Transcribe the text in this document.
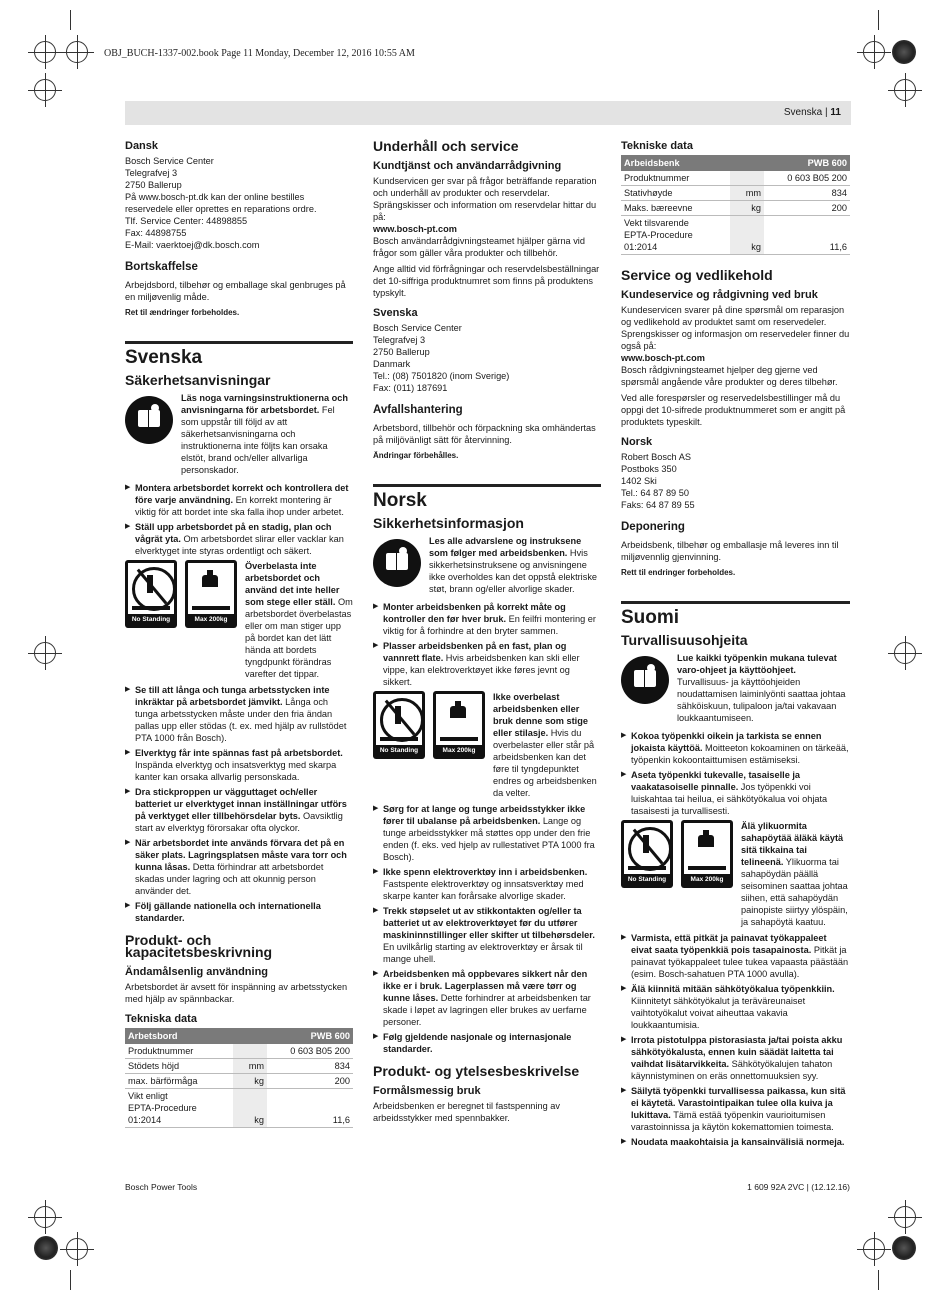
OBJ_BUCH-1337-002.book Page 11 Monday, December 12, 2016 10:55 AM
Svenska | 11
Dansk
Bosch Service Center
Telegrafvej 3
2750 Ballerup
På www.bosch-pt.dk kan der online bestilles reservedele eller oprettes en reparations ordre.
Tlf. Service Center: 44898855
Fax: 44898755
E-Mail: vaerktoej@dk.bosch.com
Bortskaffelse

Arbejdsbord, tilbehør og emballage skal genbruges på en miljøvenlig måde.

Ret til ændringer forbeholdes.
Svenska
Säkerhetsanvisningar
Läs noga varningsinstruktionerna och anvisningarna för arbetsbordet. Fel som uppstår till följd av att säkerhetsanvisningarna och instruktionerna inte följts kan orsaka elstöt, brand och/eller allvarliga personskador.
▶ Montera arbetsbordet korrekt och kontrollera det före varje användning. En korrekt montering är viktig för att bordet inte ska falla ihop under arbetet.
▶ Ställ upp arbetsbordet på en stadig, plan och vågrät yta. Om arbetsbordet slirar eller vacklar kan elverktyget inte styras ordentligt och säkert.
No Standing	Max 200kg
Överbelasta inte arbetsbordet och använd det inte heller som stege eller ställ. Om arbetsbordet överbelastas eller om man stiger upp på bordet kan det lätt hända att bordets tyngdpunkt förändras varefter det tippar.
▶ Se till att långa och tunga arbetsstycken inte inkräktar på arbetsbordet jämvikt. Långa och tunga arbetsstycken måste under den fria ändan pallas upp eller stödas (t. ex. med hjälp av rullstödet PTA 1000 från Bosch).
▶ Elverktyg får inte spännas fast på arbetsbordet. Inspända elverktyg och insatsverktyg med skarpa kanter kan orsaka allvarlig personskada.
▶ Dra stickproppen ur vägguttaget och/eller batteriet ur elverktyget innan inställningar utförs på verktyget eller tillbehörsdelar byts. Oavsiktlig start av elverktyg förorsakar ofta olyckor.
▶ När arbetsbordet inte används förvara det på en säker plats. Lagringsplatsen måste vara torr och kunna låsas. Detta förhindrar att arbetsbordet skadas under lagring och att okunnig person använder det.
▶ Följ gällande nationella och internationella standarder.
Produkt- och kapacitetsbeskrivning
Ändamålsenlig användning

Arbetsbordet är avsett för inspänning av arbetsstycken med hjälp av spännbackar.

Tekniska data
Arbetsbord		PWB 600
Produktnummer		0 603 B05 200
Stödets höjd	mm	834
max. bärförmåga	kg	200
Vikt enligt
EPTA-Procedure 01:2014	kg	11,6
Underhåll och service
Kundtjänst och användarrådgivning

Kundservicen ger svar på frågor beträffande reparation och underhåll av produkter och reservdelar. Sprängskisser och information om reservdelar hittar du på:
www.bosch-pt.com
Bosch användarrådgivningsteamet hjälper gärna vid frågor som gäller våra produkter och tillbehör.

Ange alltid vid förfrågningar och reservdelsbeställningar det 10-siffriga produktnumret som finns på produktens typskylt.

Svenska
Bosch Service Center
Telegrafvej 3
2750 Ballerup
Danmark
Tel.: (08) 7501820 (inom Sverige)
Fax: (011) 187691
Avfallshantering

Arbetsbord, tillbehör och förpackning ska omhändertas på miljövänligt sätt för återvinning.

Ändringar förbehålles.
Norsk
Sikkerhetsinformasjon
Les alle advarslene og instruksene som følger med arbeidsbenken. Hvis sikkerhetsinstruksene og anvisningene ikke overholdes kan det oppstå elektriske støt, brann og/eller alvorlige skader.
▶ Monter arbeidsbenken på korrekt måte og kontroller den før hver bruk. En feilfri montering er viktig for å forhindre at den bryter sammen.
▶ Plasser arbeidsbenken på en fast, plan og vannrett flate. Hvis arbeidsbenken kan skli eller vippe, kan elektroverktøyet ikke føres jevnt og sikkert.
No Standing	Max 200kg
Ikke overbelast arbeidsbenken eller bruk denne som stige eller stilasje. Hvis du overbelaster eller står på arbeidsbenken kan det føre til tyngdepunktet endres og arbeidsbenken da velter.
▶ Sørg for at lange og tunge arbeidsstykker ikke fører til ubalanse på arbeidsbenken. Lange og tunge arbeidsstykker må støttes opp under den frie enden (f. eks. ved hjelp av rullestativet PTA 1000 fra Bosch).
▶ Ikke spenn elektroverktøy inn i arbeidsbenken. Fastspente elektroverktøy og innsatsverktøy med skarpe kanter kan forårsake alvorlige skader.
▶ Trekk støpselet ut av stikkontakten og/eller ta batteriet ut av elektroverktøyet før du utfører maskininnstillinger eller skifter ut tilbehørsdeler. En uvilkårlig starting av elektroverktøy er årsak til mange uhell.
▶ Arbeidsbenken må oppbevares sikkert når den ikke er i bruk. Lagerplassen må være tørr og kunne låses. Dette forhindrer at arbeidsbenken tar skade i løpet av lagringen eller brukes av uerfarne personer.
▶ Følg gjeldende nasjonale og internasjonale standarder.
Produkt- og ytelsesbeskrivelse
Formålsmessig bruk

Arbeidsbenken er beregnet til fastspenning av arbeidsstykker med spennbakker.

Tekniske data
Arbeidsbenk		PWB 600
Produktnummer		0 603 B05 200
Stativhøyde	mm	834
Maks. bæreevne	kg	200
Vekt tilsvarende
EPTA-Procedure 01:2014	kg	11,6
Service og vedlikehold
Kundeservice og rådgivning ved bruk

Kundeservicen svarer på dine spørsmål om reparasjon og vedlikehold av produktet samt om reservedeler. Sprengskisser og informasjon om reservedeler finner du også på:
www.bosch-pt.com
Bosch rådgivningsteamet hjelper deg gjerne ved spørsmål angående våre produkter og deres tilbehør.

Ved alle forespørsler og reservedelsbestillinger må du oppgi det 10-sifrede produktnummeret som er angitt på produktets typeskilt.

Norsk
Robert Bosch AS
Postboks 350
1402 Ski
Tel.: 64 87 89 50
Faks: 64 87 89 55
Deponering

Arbeidsbenk, tilbehør og emballasje må leveres inn til miljøvennlig gjenvinning.

Rett til endringer forbeholdes.
Suomi
Turvallisuusohjeita
Lue kaikki työpenkin mukana tulevat varo-ohjeet ja käyttöohjeet. Turvallisuus- ja käyttöohjeiden noudattamisen laiminlyönti saattaa johtaa sähköiskuun, tulipaloon ja/tai vakavaan loukkaantumiseen.
▶ Kokoa työpenkki oikein ja tarkista se ennen jokaista käyttöä. Moitteeton kokoaminen on tärkeää, työpenkin kokoontaittumisen estämiseksi.
▶ Aseta työpenkki tukevalle, tasaiselle ja vaakatasoiselle pinnalle. Jos työpenkki voi luiskahtaa tai heilua, ei sähkötyökalua voi ohjata tasaisesti ja turvallisesti.
No Standing	Max 200kg
Älä ylikuormita sahapöytää äläkä käytä sitä tikkaina tai telineenä. Ylikuorma tai sahapöydän päällä seisominen saattaa johtaa siihen, että sahapöydän painopiste siirtyy ylöspäin, ja sahapöytä kaatuu.
▶ Varmista, että pitkät ja painavat työkappaleet eivat saata työpenkkiä pois tasapainosta. Pitkät ja painavat työkappaleet tulee tukea vapaasta päästään (esim. Bosch-sahatuen PTA 1000 avulla).
▶ Älä kiinnitä mitään sähkötyökalua työpenkkiin. Kiinnitetyt sähkötyökalut ja teräväreunaiset vaihtotyökalut voivat aiheuttaa vakavia loukkaantumisia.
▶ Irrota pistotulppa pistorasiasta ja/tai poista akku sähkötyökalusta, ennen kuin säädät laitetta tai vaihdat lisätarvikkeita. Sähkötyökalujen tahaton käynnistyminen on eräs onnettomuuksien syy.
▶ Säilytä työpenkki turvallisessa paikassa, kun sitä ei käytetä. Varastointipaikan tulee olla kuiva ja lukittava. Tämä estää työpenkin vaurioitumisen varastoinnissa ja käytön kokemattomien toimesta.
▶ Noudata maakohtaisia ja kansainvälisiä normeja.
Bosch Power Tools	1 609 92A 2VC | (12.12.16)
